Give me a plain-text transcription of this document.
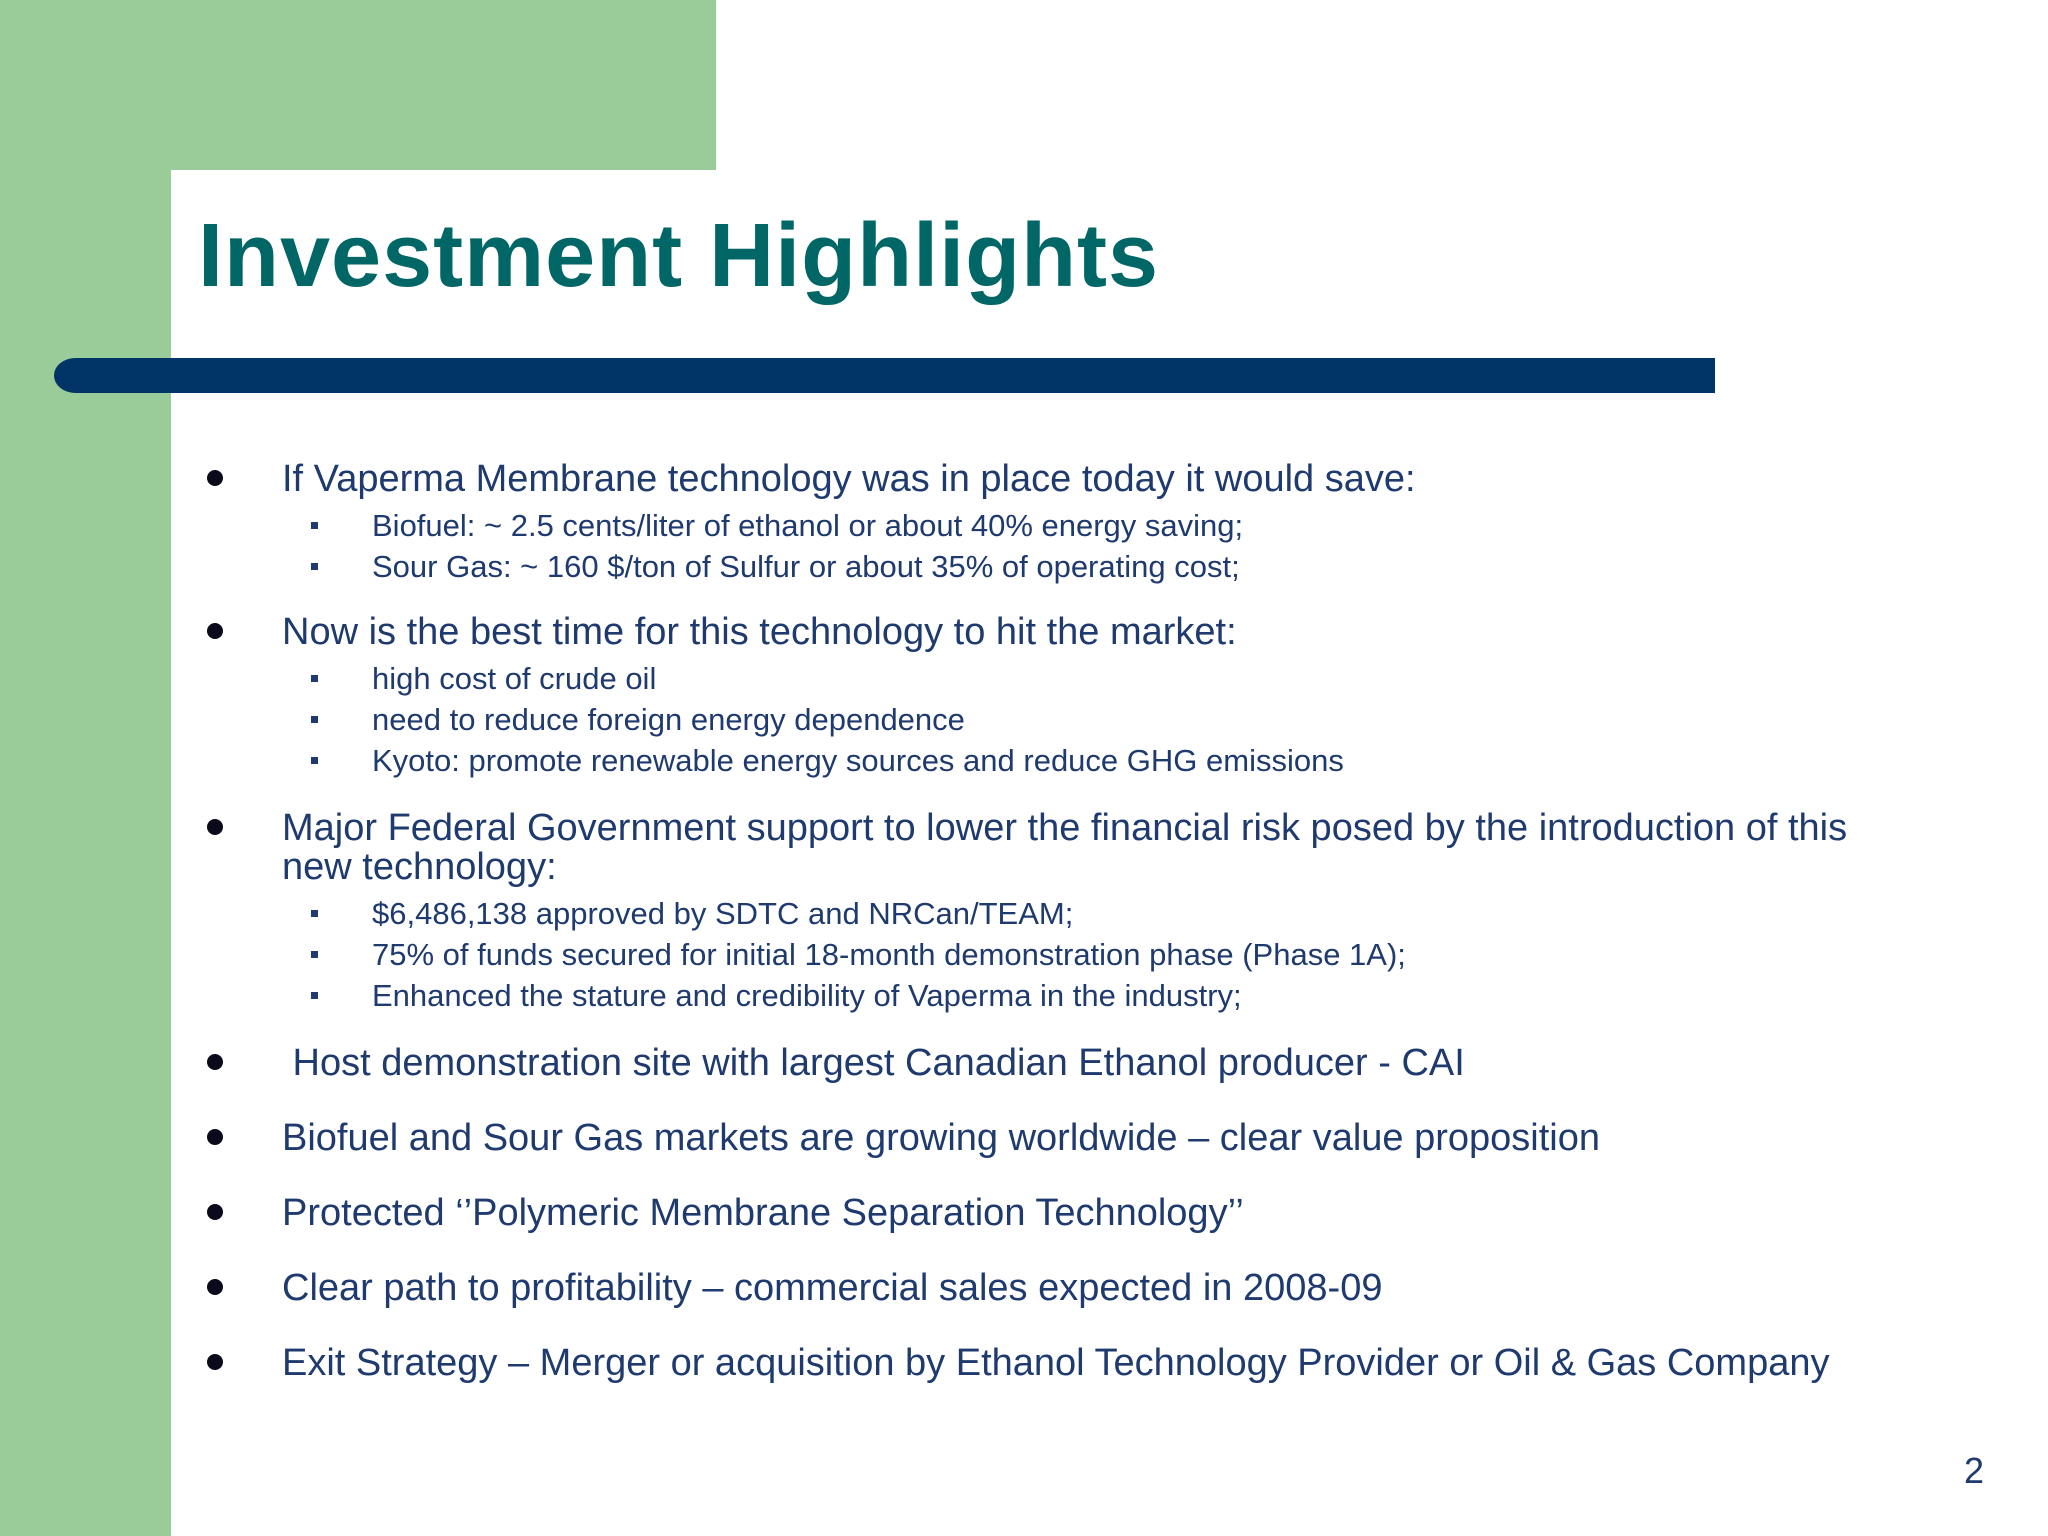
Investment Highlights
If Vaperma Membrane technology was in place today it would save:
Biofuel: ~ 2.5 cents/liter of ethanol or about 40% energy saving;
Sour Gas: ~ 160 $/ton of Sulfur or about 35% of operating cost;
Now is the best time for this technology to hit the market:
high cost of crude oil
need to reduce foreign energy dependence
Kyoto: promote renewable energy sources and reduce GHG emissions
Major Federal Government support to lower the financial risk posed by the introduction of this new technology:
$6,486,138 approved by SDTC and NRCan/TEAM;
75% of funds secured for initial 18-month demonstration phase (Phase 1A);
Enhanced the stature and credibility of Vaperma in the industry;
Host demonstration site with largest Canadian Ethanol producer - CAI
Biofuel and Sour Gas markets are growing worldwide – clear value proposition
Protected ‘’Polymeric Membrane Separation Technology’’
Clear path to profitability – commercial sales expected in 2008-09
Exit Strategy – Merger or acquisition by Ethanol Technology Provider or Oil & Gas Company
2
